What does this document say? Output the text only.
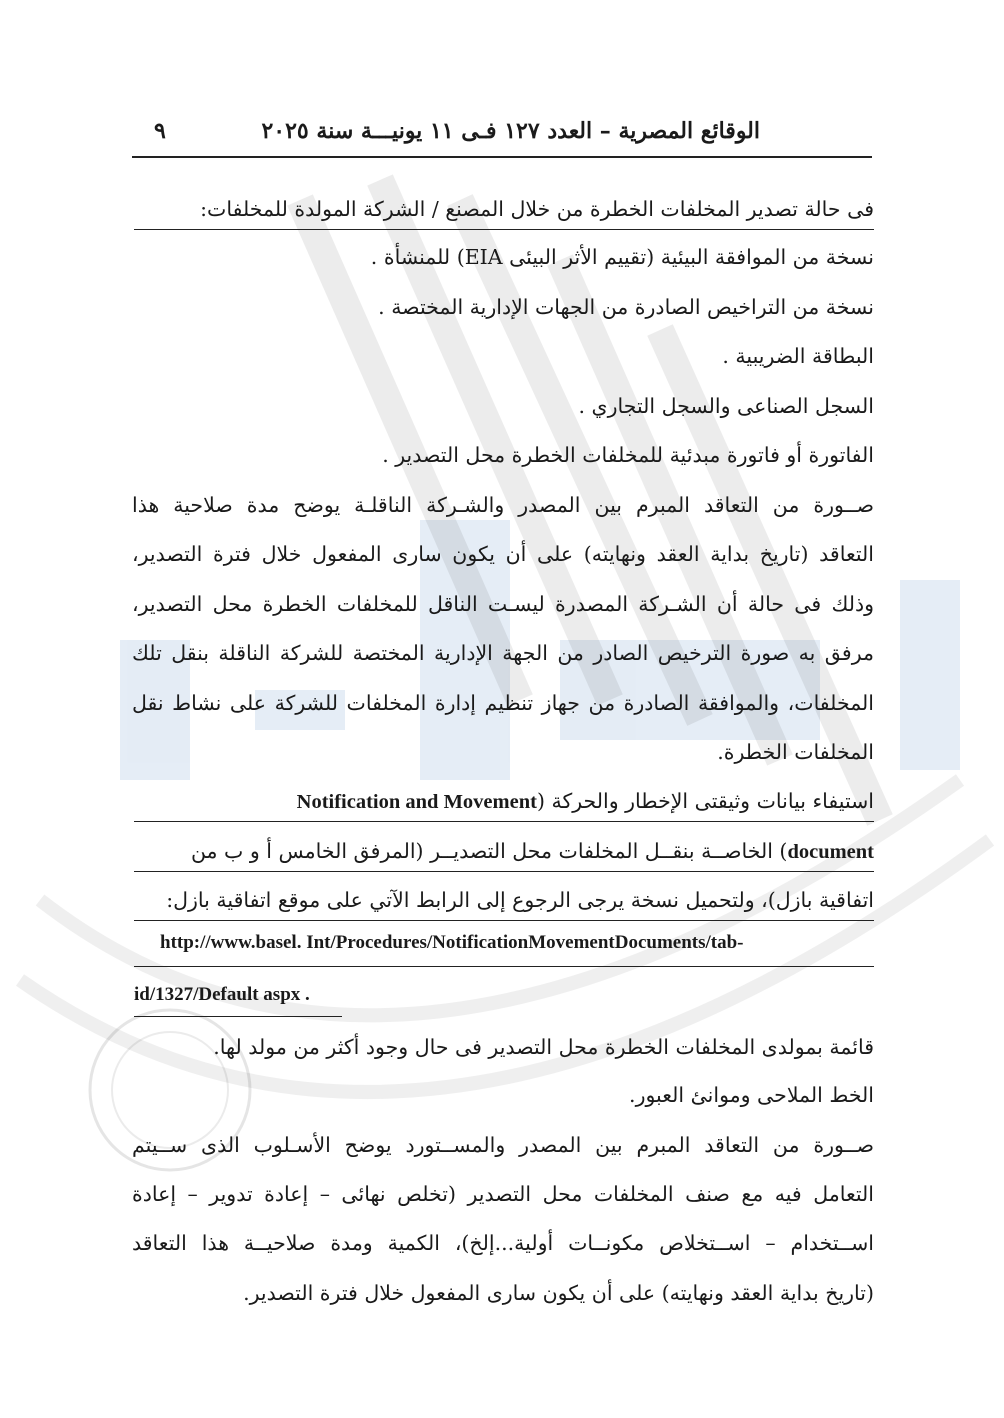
الوقائع المصرية – العدد ١٢٧ فـى ١١ يونيـــة سنة ٢٠٢٥
٩
فى حالة تصدير المخلفات الخطرة من خلال المصنع / الشركة المولدة للمخلفات:
نسخة من الموافقة البيئية (تقييم الأثر البيئى EIA) للمنشأة .
نسخة من التراخيص الصادرة من الجهات الإدارية المختصة .
البطاقة الضريبية .
السجل الصناعى والسجل التجاري .
الفاتورة أو فاتورة مبدئية للمخلفات الخطرة محل التصدير .
صــورة من التعاقد المبرم بين المصدر والشـركة الناقلـة يوضح مدة صلاحية هذا
التعاقد (تاريخ بداية العقد ونهايته) على أن يكون سارى المفعول خلال فترة التصدير،
وذلك فى حالة أن الشـركة المصدرة ليسـت الناقل للمخلفات الخطرة محل التصدير،
مرفق به صورة الترخيص الصادر من الجهة الإدارية المختصة للشركة الناقلة بنقل تلك
المخلفات، والموافقة الصادرة من جهاز تنظيم إدارة المخلفات للشركة على نشاط نقل
المخلفات الخطرة.
استيفاء بيانات وثيقتى الإخطار والحركة (Notification and Movement
document) الخاصــة بنقــل المخلفات محل التصديــر (المرفق الخامس أ و ب من
اتفاقية بازل)، ولتحميل نسخة يرجى الرجوع إلى الرابط الآتي على موقع اتفاقية بازل:
http://www.basel. Int/Procedures/NotificationMovementDocuments/tab-
id/1327/Default aspx .
قائمة بمولدى المخلفات الخطرة محل التصدير فى حال وجود أكثر من مولد لها.
الخط الملاحى وموانئ العبور.
صــورة من التعاقد المبرم بين المصدر والمســتورد يوضح الأسـلوب الذى ســيتم
التعامل فيه مع صنف المخلفات محل التصدير (تخلص نهائى – إعادة تدوير – إعادة
اســتخدام – اســتخلاص مكونــات أولية...إلخ)، الكمية ومدة صلاحيــة هذا التعاقد
(تاريخ بداية العقد ونهايته) على أن يكون سارى المفعول خلال فترة التصدير.
